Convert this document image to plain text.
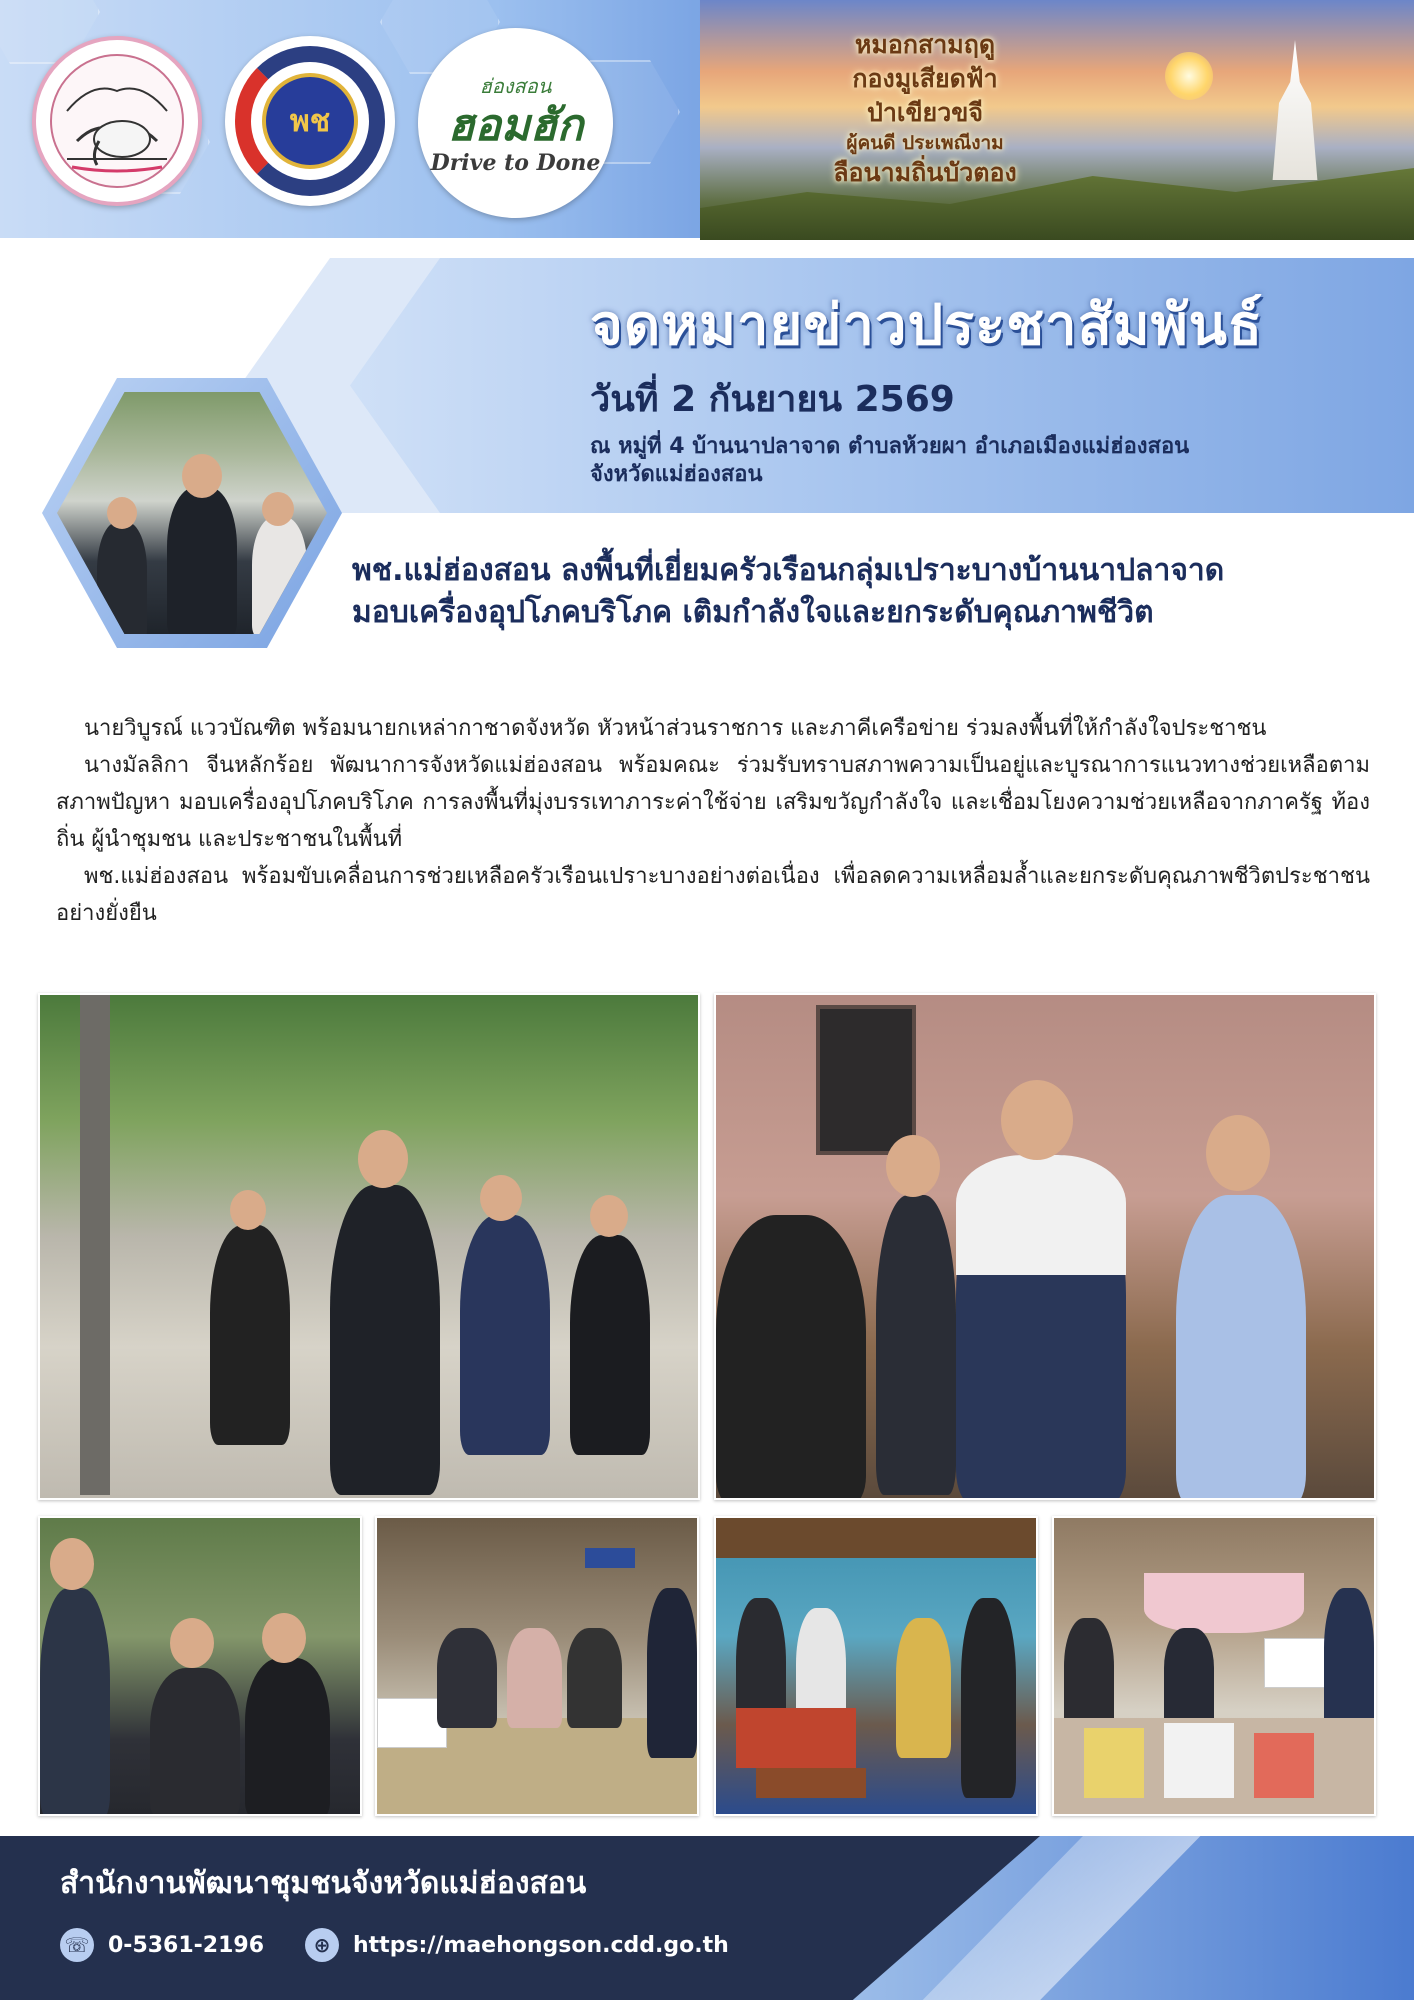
พช
ฮ่องสอน
ฮอมฮัก
Drive to Done
หมอกสามฤดู
กองมูเสียดฟ้า
ป่าเขียวขจี
ผู้คนดี ประเพณีงาม
ลือนามถิ่นบัวตอง
จดหมายข่าวประชาสัมพันธ์
วันที่ 2 กันยายน 2569
ณ หมู่ที่ 4 บ้านนาปลาจาด ตำบลห้วยผา อำเภอเมืองแม่ฮ่องสอน
จังหวัดแม่ฮ่องสอน
พช.แม่ฮ่องสอน ลงพื้นที่เยี่ยมครัวเรือนกลุ่มเปราะบางบ้านนาปลาจาด
มอบเครื่องอุปโภคบริโภค เติมกำลังใจและยกระดับคุณภาพชีวิต

นายวิบูรณ์ แววบัณฑิต พร้อมนายกเหล่ากาชาดจังหวัด หัวหน้าส่วนราชการ และภาคีเครือข่าย ร่วมลงพื้นที่ให้กำลังใจประชาชน

นางมัลลิกา จีนหลักร้อย พัฒนาการจังหวัดแม่ฮ่องสอน พร้อมคณะ ร่วมรับทราบสภาพความเป็นอยู่และบูรณาการแนวทางช่วยเหลือตามสภาพปัญหา มอบเครื่องอุปโภคบริโภค การลงพื้นที่มุ่งบรรเทาภาระค่าใช้จ่าย เสริมขวัญกำลังใจ และเชื่อมโยงความช่วยเหลือจากภาครัฐ ท้องถิ่น ผู้นำชุมชน และประชาชนในพื้นที่

พช.แม่ฮ่องสอน พร้อมขับเคลื่อนการช่วยเหลือครัวเรือนเปราะบางอย่างต่อเนื่อง เพื่อลดความเหลื่อมล้ำและยกระดับคุณภาพชีวิตประชาชนอย่างยั่งยืน

สำนักงานพัฒนาชุมชนจังหวัดแม่ฮ่องสอน
☏ 0-5361-2196	⊕	https://maehongson.cdd.go.th
